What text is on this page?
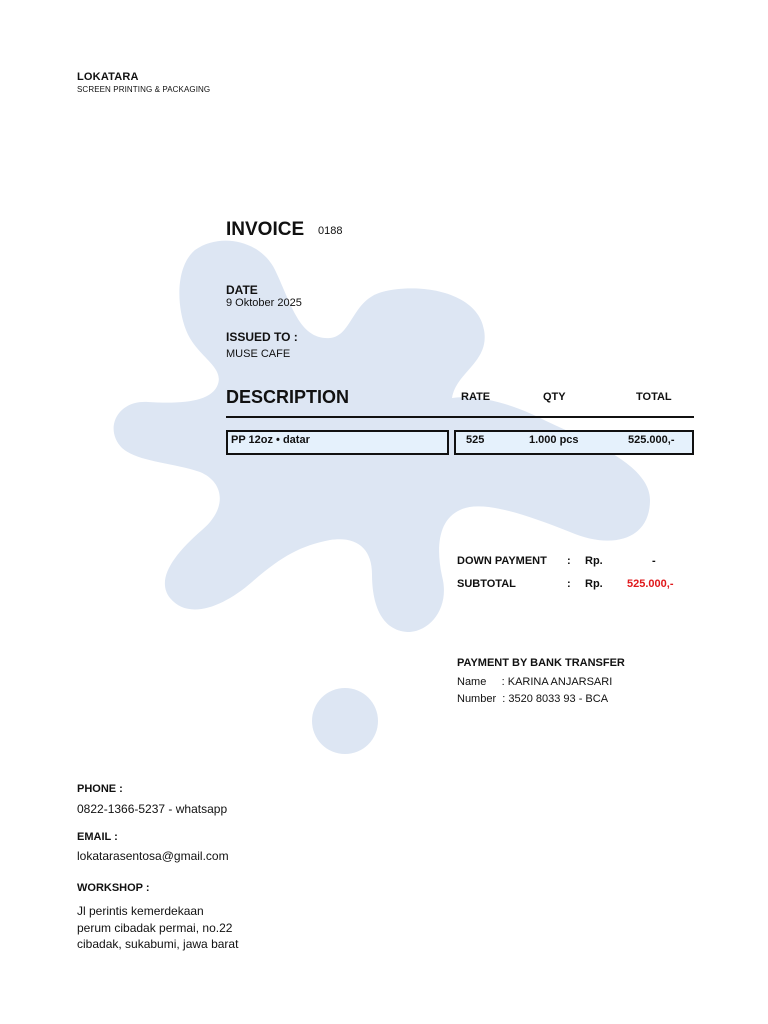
LOKATARA
SCREEN PRINTING & PACKAGING
INVOICE 0188
DATE
9 Oktober 2025
ISSUED TO :
MUSE CAFE
DESCRIPTION	RATE	QTY	TOTAL
PP 12oz • datar	525	1.000 pcs	525.000,-
DOWN PAYMENT : Rp.	-
SUBTOTAL	: Rp. 525.000,-
PAYMENT BY BANK TRANSFER
Name     : KARINA ANJARSARI
Number  : 3520 8033 93 - BCA
PHONE :
0822-1366-5237 - whatsapp
EMAIL :
lokatarasentosa@gmail.com
WORKSHOP :
Jl perintis kemerdekaan
perum cibadak permai, no.22
cibadak, sukabumi, jawa barat
